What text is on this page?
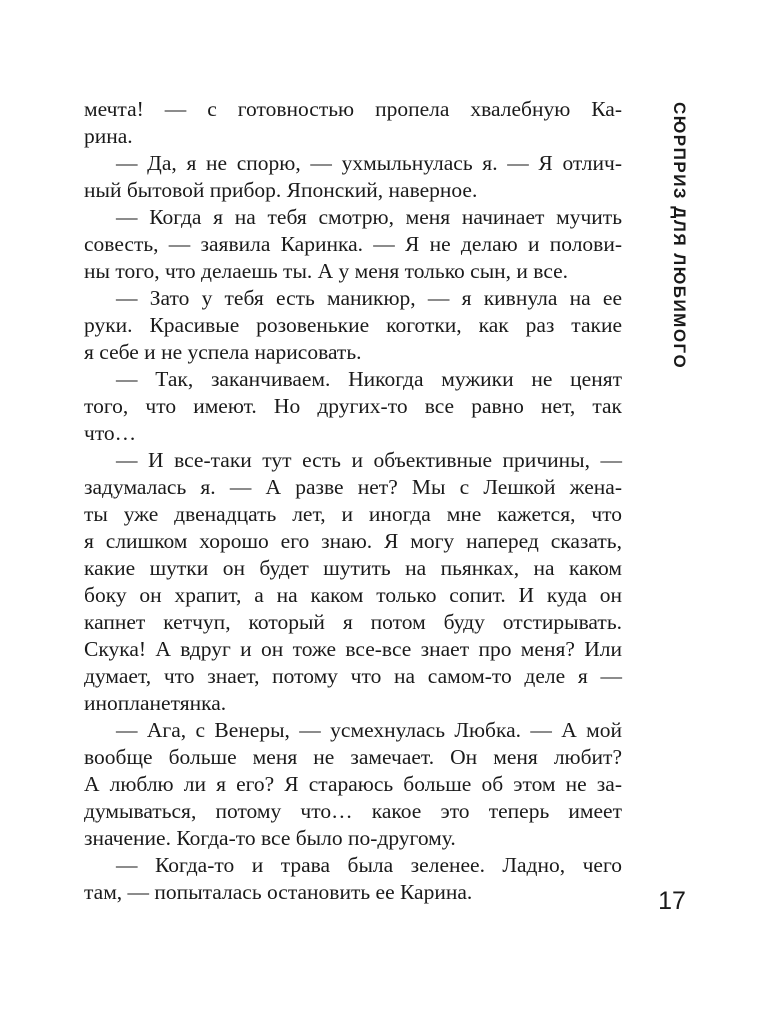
СЮРПРИЗ ДЛЯ ЛЮБИМОГО
мечта! — с готовностью пропела хвалебную Ка-
рина.
— Да, я не спорю, — ухмыльнулась я. — Я отлич-
ный бытовой прибор. Японский, наверное.
— Когда я на тебя смотрю, меня начинает мучить
совесть, — заявила Каринка. — Я не делаю и полови-
ны того, что делаешь ты. А у меня только сын, и все.
— Зато у тебя есть маникюр, — я кивнула на ее
руки. Красивые розовенькие коготки, как раз такие
я себе и не успела нарисовать.
— Так, заканчиваем. Никогда мужики не ценят
того, что имеют. Но других-то все равно нет, так
что…
— И все-таки тут есть и объективные причины, —
задумалась я. — А разве нет? Мы с Лешкой жена-
ты уже двенадцать лет, и иногда мне кажется, что
я слишком хорошо его знаю. Я могу наперед сказать,
какие шутки он будет шутить на пьянках, на каком
боку он храпит, а на каком только сопит. И куда он
капнет кетчуп, который я потом буду отстирывать.
Скука! А вдруг и он тоже все-все знает про меня? Или
думает, что знает, потому что на самом-то деле я —
инопланетянка.
— Ага, с Венеры, — усмехнулась Любка. — А мой
вообще больше меня не замечает. Он меня любит?
А люблю ли я его? Я стараюсь больше об этом не за-
думываться, потому что… какое это теперь имеет
значение. Когда-то все было по-другому.
— Когда-то и трава была зеленее. Ладно, чего
там, — попыталась остановить ее Карина.	17
